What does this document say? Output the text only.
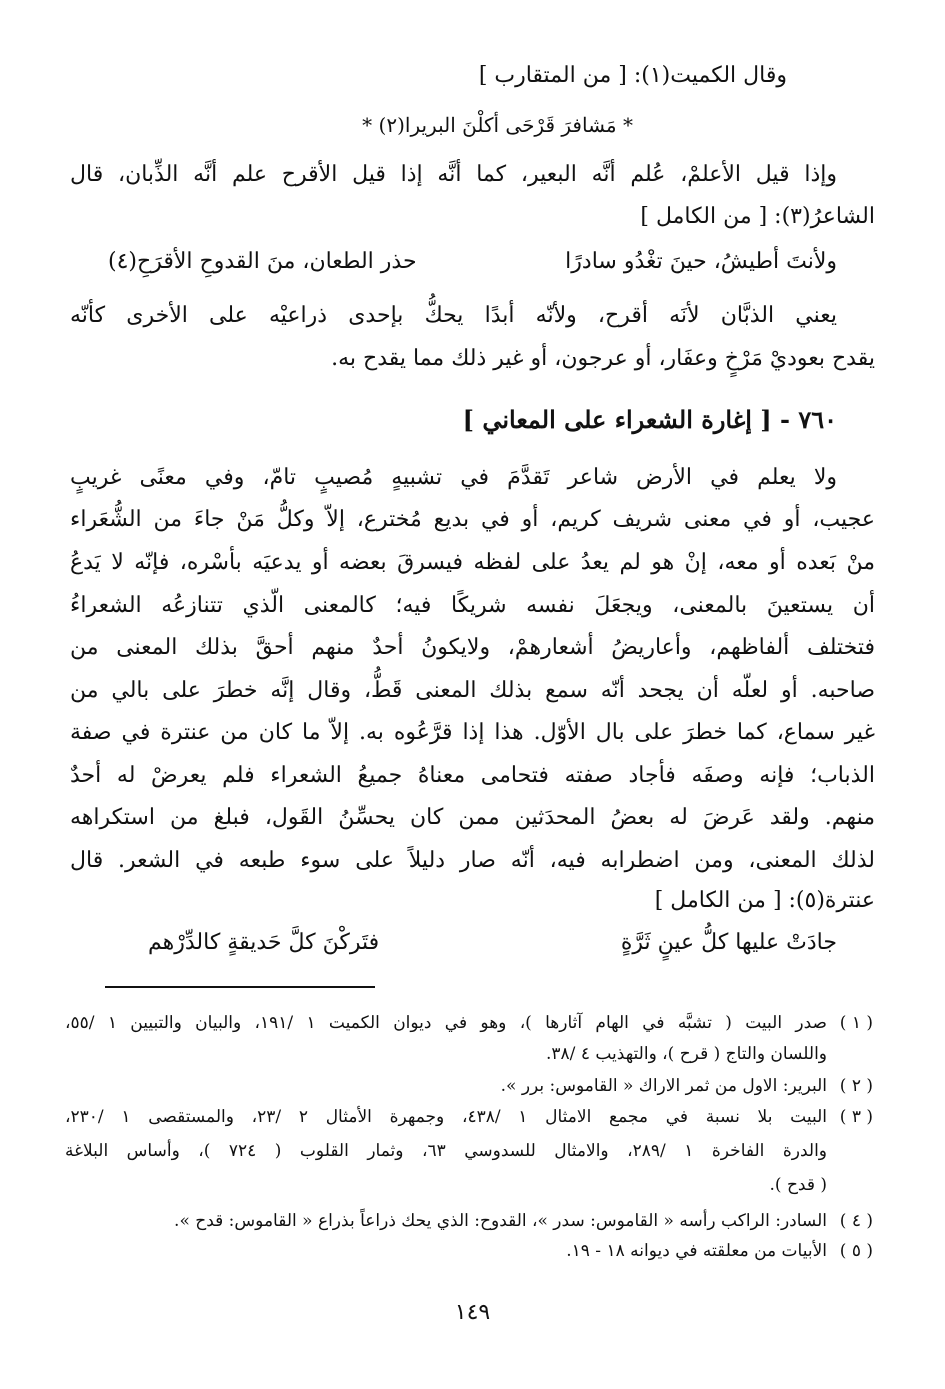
وقال الكميت(١): [ من المتقارب ]
* مَشافرَ قَرْحَى أكلْنَ البريرا(٢) *
وإذا قيل الأعلمْ، عُلم أنَّه البعير، كما أنَّه إذا قيل الأقرح علم أنَّه الذِّبان، قال
الشاعرُ(٣): [ من الكامل ]
ولأنتَ أطيشُ، حينَ تغْدُو سادرًا
حذر الطعان، منَ القدوحِ الأقرَحِ(٤)
يعني الذبَّان لأنَه أقرح، ولأنّه أبدًا يحكُّ بإحدى ذراعيْه على الأخرى كأنّه
يقدح بعوديْ مَرْخٍ وعفَار، أو عرجون، أو غير ذلك مما يقدح به.
٧٦٠ - [ إغارة الشعراء على المعاني ]
ولا يعلم في الأرض شاعر تَقدَّمَ في تشبيهٍ مُصيبٍ تامّ، وفي معنًى غريبٍ
عجيب، أو في معنى شريف كريم، أو في بديع مُخترع، إلاّ وكلُّ مَنْ جاءَ من الشُّعَراء
منْ بَعده أو معه، إنْ هو لم يعدُ على لفظه فيسرقَ بعضه أو يدعيَه بأسْره، فإنّه لا يَدعُ
أن يستعينَ بالمعنى، ويجعَلَ نفسه شريكًا فيه؛ كالمعنى الّذي تتنازعُه الشعراءُ
فتختلف ألفاظهم، وأعاريضُ أشعارهمْ، ولايكونُ أحدٌ منهم أحقَّ بذلك المعنى من
صاحبه. أو لعلّه أن يجحد أنّه سمع بذلك المعنى قَطُّ، وقال إنَّه خطرَ على بالي من
غير سماع، كما خطرَ على بال الأوّل. هذا إذا قرَّعُوه به. إلاّ ما كان من عنترة في صفة
الذباب؛ فإنه وصفَه فأجاد صفته فتحامى معناهُ جميعُ الشعراء فلم يعرضْ له أحدٌ
منهم. ولقد عَرضَ له بعضُ المحدَثين ممن كان يحسِّنُ القَول، فبلغ من استكراهه
لذلك المعنى، ومن اضطرابه فيه، أنّه صار دليلاً على سوء طبعه في الشعر. قال
عنترة(٥): [ من الكامل ]
جادَتْ عليها كلُّ عينٍ ثَرَّةٍ
فتَركْنَ كلَّ حَديقةٍ كالدِّرْهم
( ١ )
صدر البيت ( تشبَّه في الهام آثارها )، وهو في ديوان الكميت ١ /١٩١، والبيان والتبيين ١ /٥٥،
واللسان والتاج ( قرح )، والتهذيب ٤ /٣٨.
( ٢ )
البرير: الاول من ثمر الاراك « القاموس: برر ».
( ٣ )
البيت بلا نسبة في مجمع الامثال ١ /٤٣٨، وجمهرة الأمثال ٢ /٢٣، والمستقصى ١ /٢٣٠،
والدرة الفاخرة ١ /٢٨٩، والامثال للسدوسي ٦٣، وثمار القلوب ( ٧٢٤ )، وأساس البلاغة
( قدح ).
( ٤ )
السادر: الراكب رأسه « القاموس: سدر »، القدوح: الذي يحك ذراعاً بذراع « القاموس: قدح ».
( ٥ )
الأبيات من معلقته في ديوانه ١٨ - ١٩.
١٤٩
